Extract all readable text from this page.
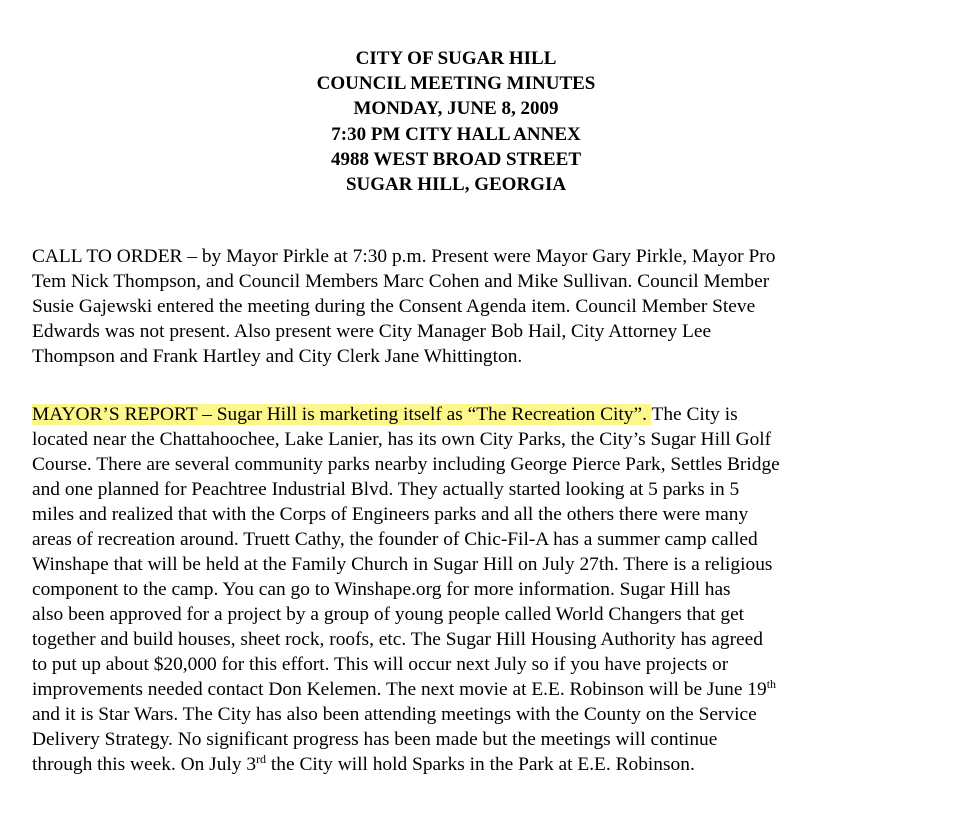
CITY OF SUGAR HILL
COUNCIL MEETING MINUTES
MONDAY, JUNE 8, 2009
7:30 PM CITY HALL ANNEX
4988 WEST BROAD STREET
SUGAR HILL, GEORGIA
CALL TO ORDER – by Mayor Pirkle at 7:30 p.m. Present were Mayor Gary Pirkle, Mayor Pro
Tem Nick Thompson, and Council Members Marc Cohen and Mike Sullivan. Council Member
Susie Gajewski entered the meeting during the Consent Agenda item. Council Member Steve
Edwards was not present. Also present were City Manager Bob Hail, City Attorney Lee
Thompson and Frank Hartley and City Clerk Jane Whittington.
MAYOR’S REPORT – Sugar Hill is marketing itself as “The Recreation City”. The City is
located near the Chattahoochee, Lake Lanier, has its own City Parks, the City’s Sugar Hill Golf
Course. There are several community parks nearby including George Pierce Park, Settles Bridge
and one planned for Peachtree Industrial Blvd. They actually started looking at 5 parks in 5
miles and realized that with the Corps of Engineers parks and all the others there were many
areas of recreation around. Truett Cathy, the founder of Chic-Fil-A has a summer camp called
Winshape that will be held at the Family Church in Sugar Hill on July 27th. There is a religious
component to the camp. You can go to Winshape.org for more information. Sugar Hill has
also been approved for a project by a group of young people called World Changers that get
together and build houses, sheet rock, roofs, etc. The Sugar Hill Housing Authority has agreed
to put up about $20,000 for this effort. This will occur next July so if you have projects or
improvements needed contact Don Kelemen. The next movie at E.E. Robinson will be June 19th
and it is Star Wars. The City has also been attending meetings with the County on the Service
Delivery Strategy. No significant progress has been made but the meetings will continue
through this week. On July 3rd the City will hold Sparks in the Park at E.E. Robinson.
